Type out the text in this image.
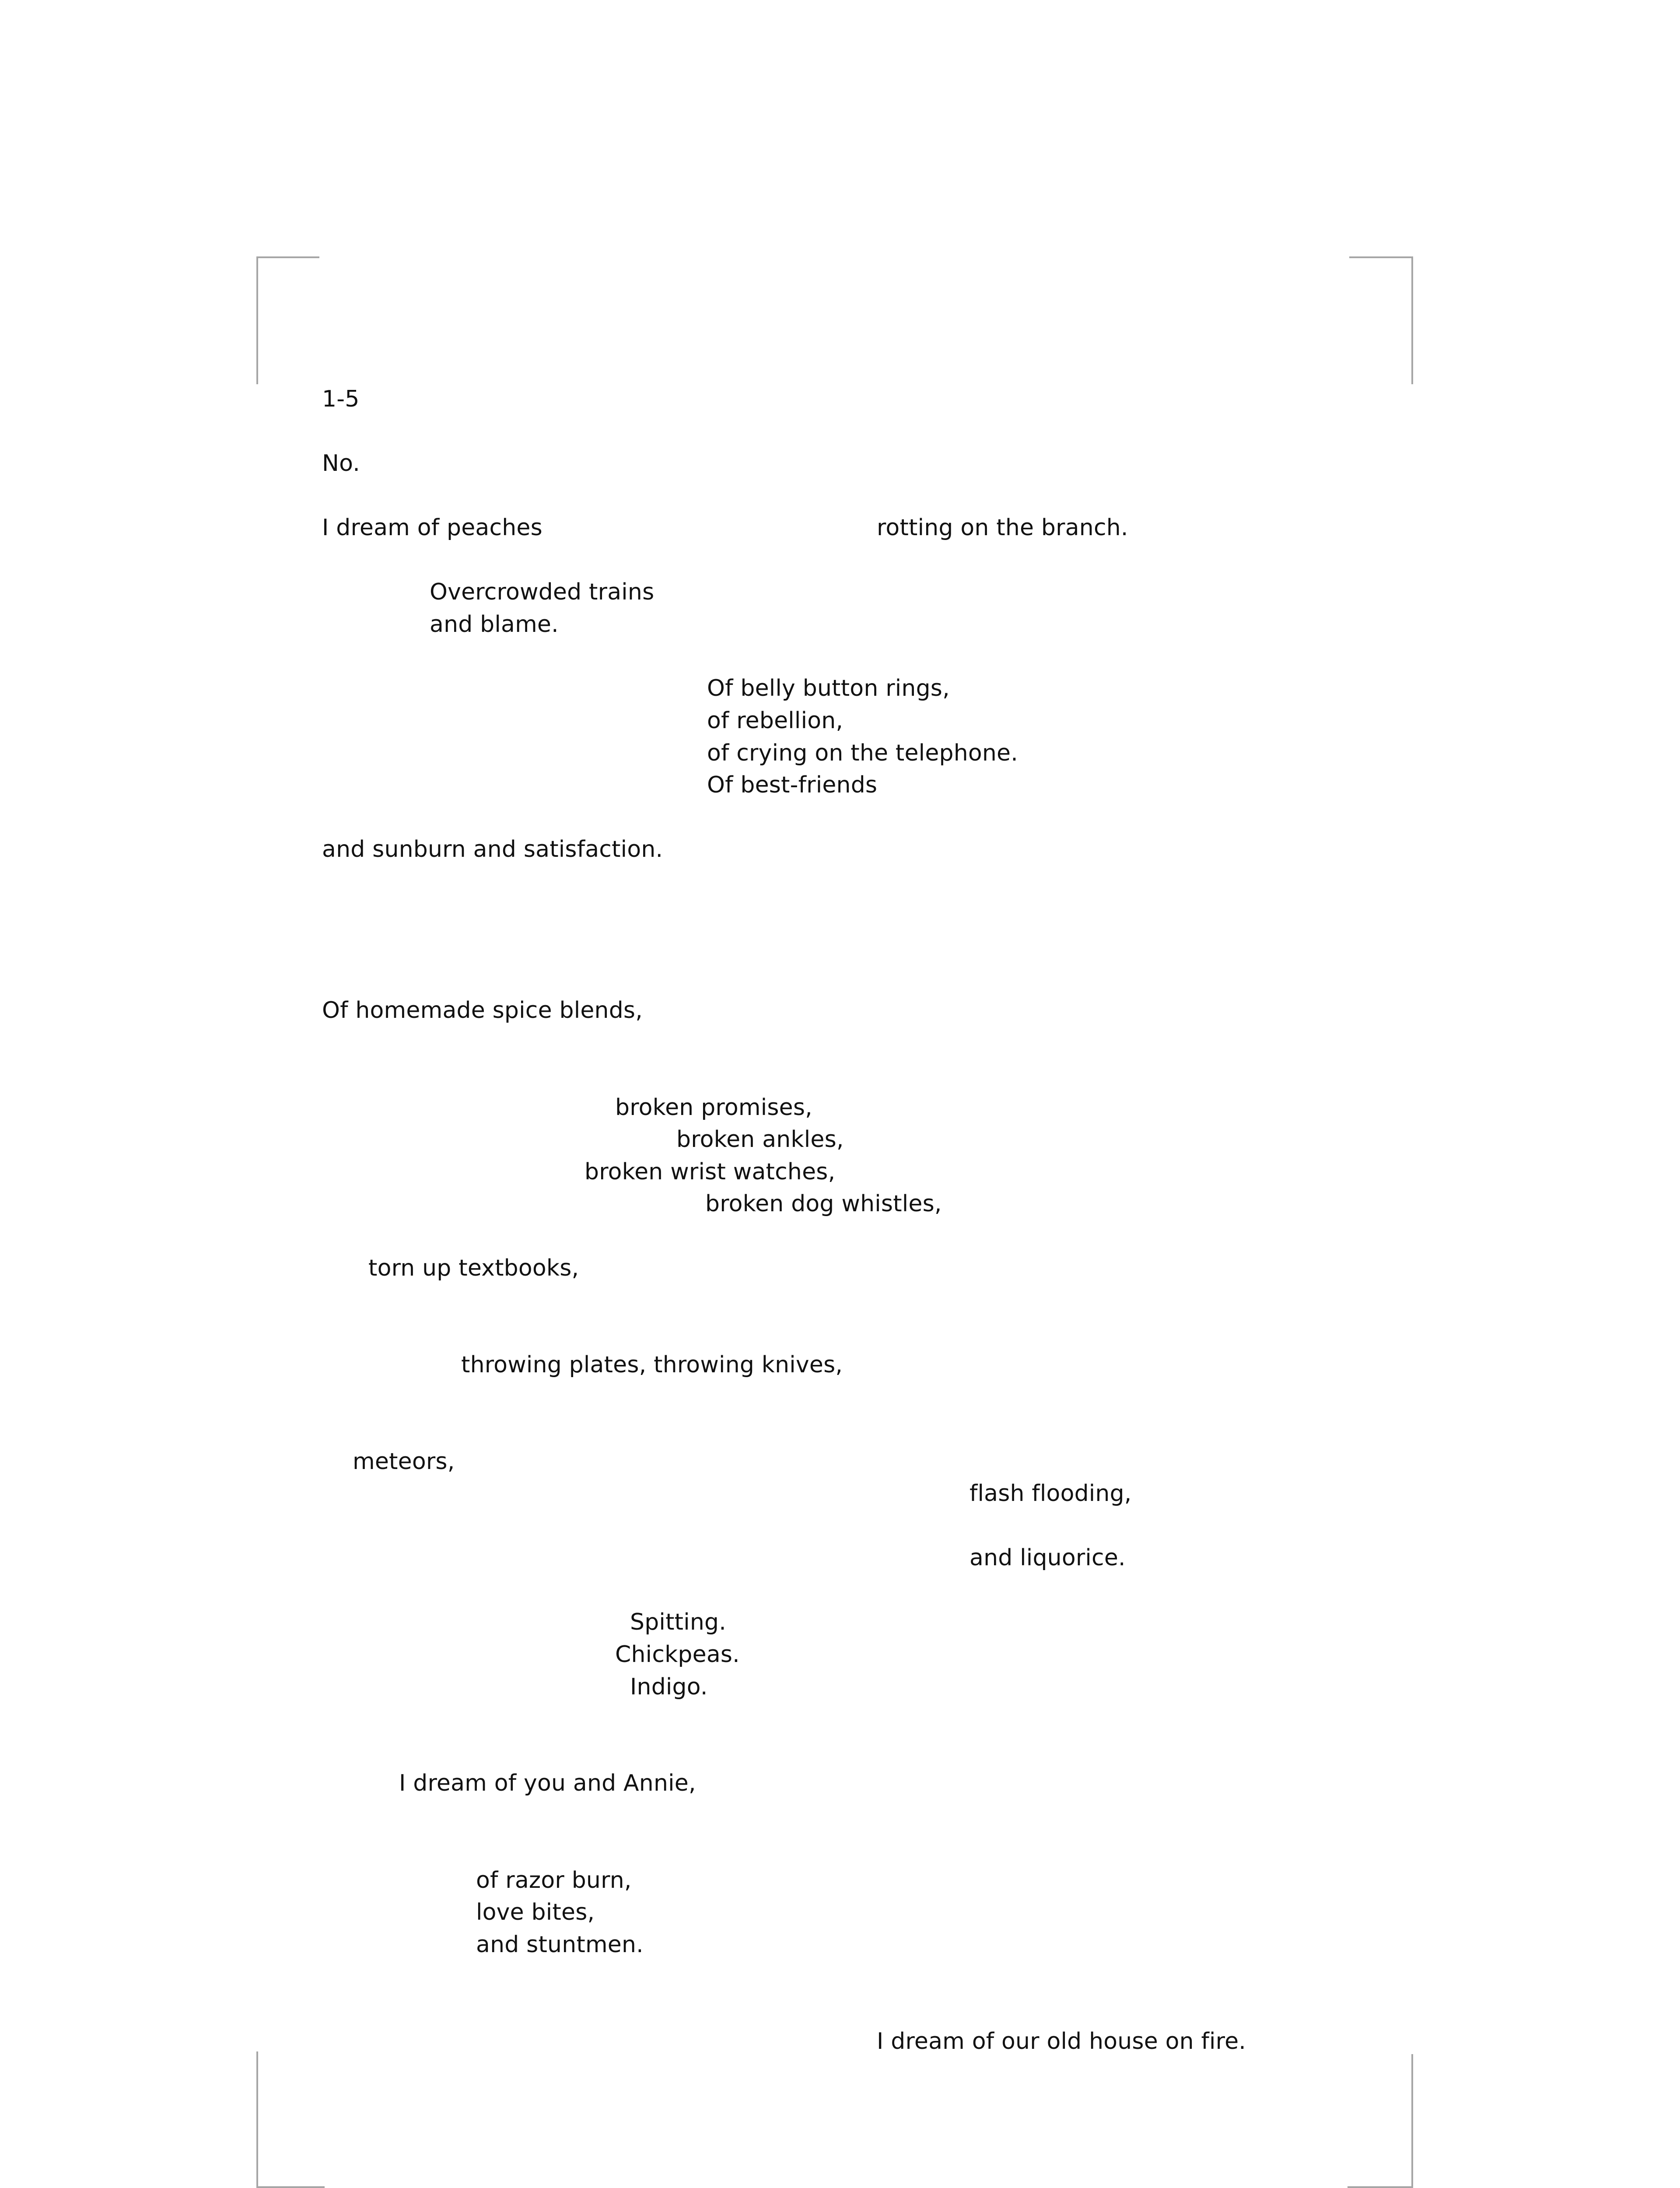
1-5

No.

I dream of peaches	rotting on the branch.

Overcrowded trains

and blame.

Of belly button rings,

of rebellion,

of crying on the telephone.

Of best-friends

and sunburn and satisfaction.

Of homemade spice blends,

broken promises,

broken ankles,

broken wrist watches,

broken dog whistles,

torn up textbooks,

throwing plates, throwing knives,

meteors,

flash flooding,

and liquorice.

Spitting.

Chickpeas.

Indigo.

I dream of you and Annie,

of razor burn,

love bites,

and stuntmen.

I dream of our old house on fire.
